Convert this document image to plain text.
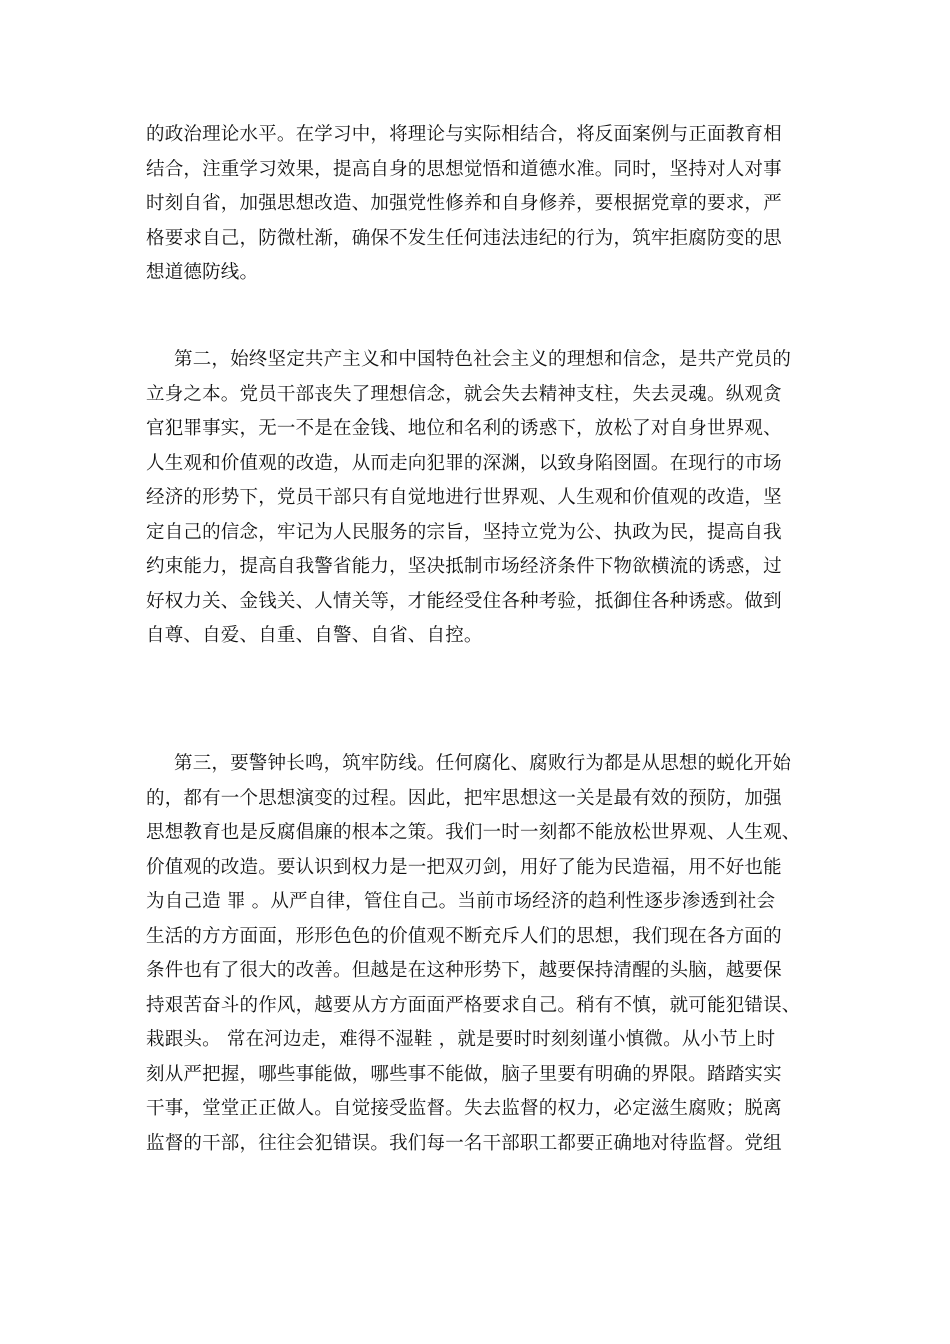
的政治理论水平。在学习中，将理论与实际相结合，将反面案例与正面教育相
结合，注重学习效果，提高自身的思想觉悟和道德水准。同时，坚持对人对事
时刻自省，加强思想改造、加强党性修养和自身修养，要根据党章的要求，严
格要求自己，防微杜渐，确保不发生任何违法违纪的行为，筑牢拒腐防变的思
想道德防线。
第二，始终坚定共产主义和中国特色社会主义的理想和信念，是共产党员的
立身之本。党员干部丧失了理想信念，就会失去精神支柱，失去灵魂。纵观贪
官犯罪事实，无一不是在金钱、地位和名利的诱惑下，放松了对自身世界观、
人生观和价值观的改造，从而走向犯罪的深渊，以致身陷囹圄。在现行的市场
经济的形势下，党员干部只有自觉地进行世界观、人生观和价值观的改造，坚
定自己的信念，牢记为人民服务的宗旨，坚持立党为公、执政为民，提高自我
约束能力，提高自我警省能力，坚决抵制市场经济条件下物欲横流的诱惑，过
好权力关、金钱关、人情关等，才能经受住各种考验，抵御住各种诱惑。做到
自尊、自爱、自重、自警、自省、自控。
第三，要警钟长鸣，筑牢防线。任何腐化、腐败行为都是从思想的蜕化开始
的，都有一个思想演变的过程。因此，把牢思想这一关是最有效的预防，加强
思想教育也是反腐倡廉的根本之策。我们一时一刻都不能放松世界观、人生观、
价值观的改造。要认识到权力是一把双刃剑，用好了能为民造福，用不好也能
为自己造 罪 。从严自律，管住自己。当前市场经济的趋利性逐步渗透到社会
生活的方方面面，形形色色的价值观不断充斥人们的思想，我们现在各方面的
条件也有了很大的改善。但越是在这种形势下，越要保持清醒的头脑，越要保
持艰苦奋斗的作风，越要从方方面面严格要求自己。稍有不慎，就可能犯错误、
栽跟头。 常在河边走，难得不湿鞋 ，就是要时时刻刻谨小慎微。从小节上时
刻从严把握，哪些事能做，哪些事不能做，脑子里要有明确的界限。踏踏实实
干事，堂堂正正做人。自觉接受监督。失去监督的权力，必定滋生腐败；脱离
监督的干部，往往会犯错误。我们每一名干部职工都要正确地对待监督。党组
